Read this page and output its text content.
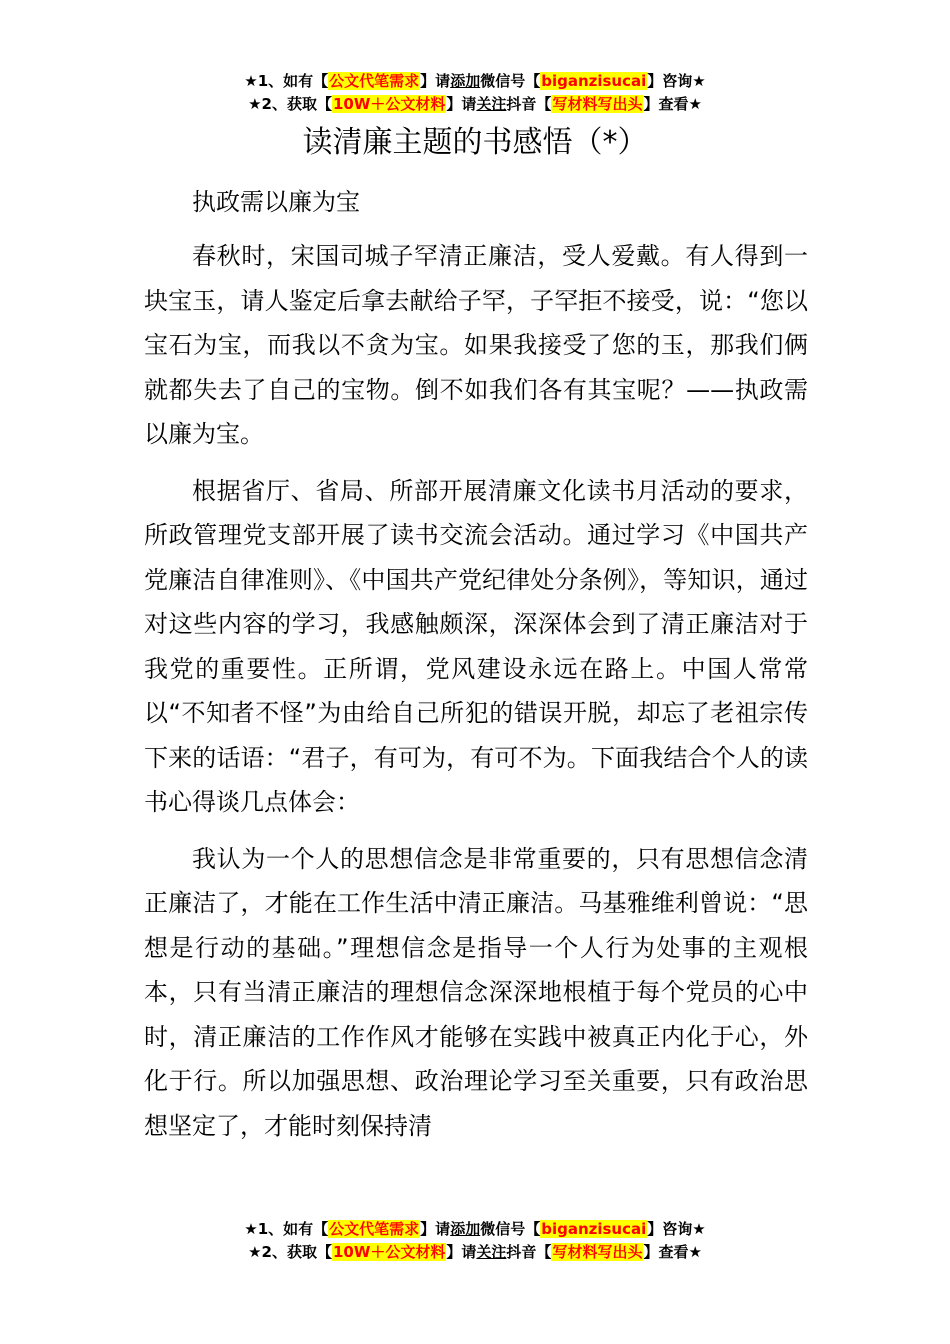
★1、如有【公文代笔需求】请添加微信号【biganzisucai】咨询★
★2、获取【10W＋公文材料】请关注抖音【写材料写出头】查看★
读清廉主题的书感悟（*）

执政需以廉为宝

春秋时，宋国司城子罕清正廉洁，受人爱戴。有人得到一块宝玉，请人鉴定后拿去献给子罕，子罕拒不接受，说：“您以宝石为宝，而我以不贪为宝。如果我接受了您的玉，那我们俩就都失去了自己的宝物。倒不如我们各有其宝呢？——执政需以廉为宝。

根据省厅、省局、所部开展清廉文化读书月活动的要求，所政管理党支部开展了读书交流会活动。通过学习《中国共产党廉洁自律准则》、《中国共产党纪律处分条例》，等知识，通过对这些内容的学习，我感触颇深，深深体会到了清正廉洁对于我党的重要性。正所谓，党风建设永远在路上。中国人常常以“不知者不怪”为由给自己所犯的错误开脱，却忘了老祖宗传下来的话语：“君子，有可为，有可不为。下面我结合个人的读书心得谈几点体会：

我认为一个人的思想信念是非常重要的，只有思想信念清正廉洁了，才能在工作生活中清正廉洁。马基雅维利曾说：“思想是行动的基础。”理想信念是指导一个人行为处事的主观根本，只有当清正廉洁的理想信念深深地根植于每个党员的心中时，清正廉洁的工作作风才能够在实践中被真正内化于心，外化于行。所以加强思想、政治理论学习至关重要，只有政治思想坚定了，才能时刻保持清

★1、如有【公文代笔需求】请添加微信号【biganzisucai】咨询★
★2、获取【10W＋公文材料】请关注抖音【写材料写出头】查看★
